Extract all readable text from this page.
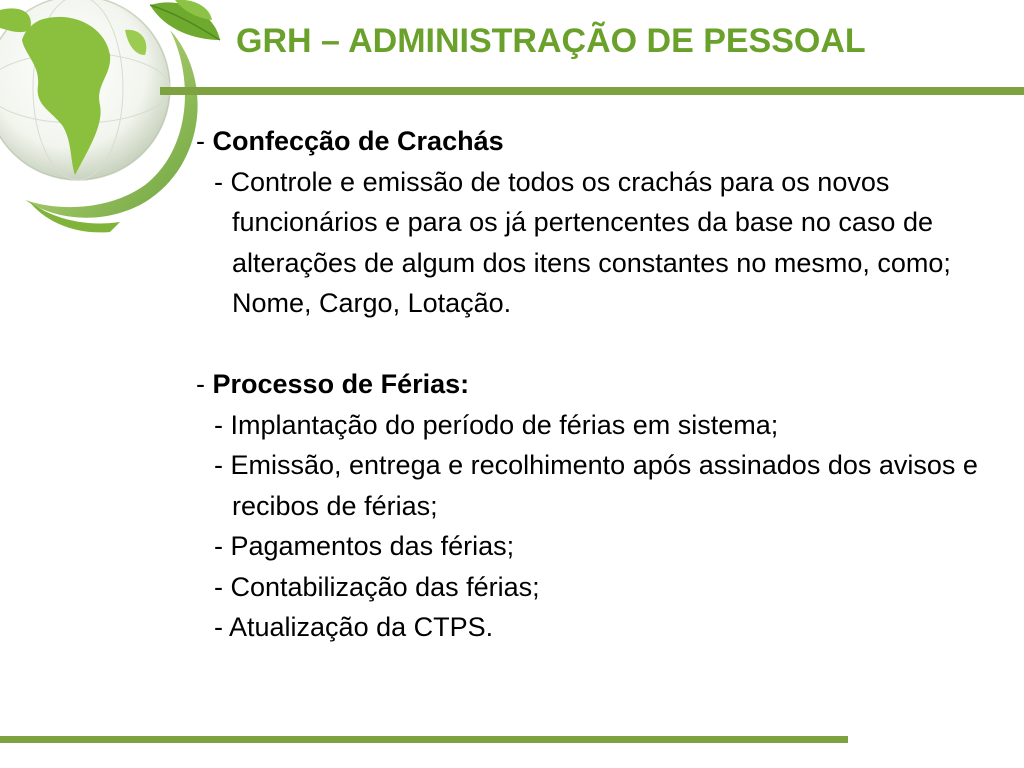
GRH – ADMINISTRAÇÃO DE PESSOAL
- Confecção de Crachás
- Controle e emissão de todos os crachás para os novos funcionários e para os já pertencentes da base no caso de alterações de algum dos itens constantes no mesmo, como; Nome, Cargo, Lotação.
- Processo de Férias:
- Implantação do período de férias em sistema;
- Emissão, entrega e recolhimento após assinados dos avisos e recibos de férias;
- Pagamentos das férias;
- Contabilização das férias;
- Atualização da CTPS.
